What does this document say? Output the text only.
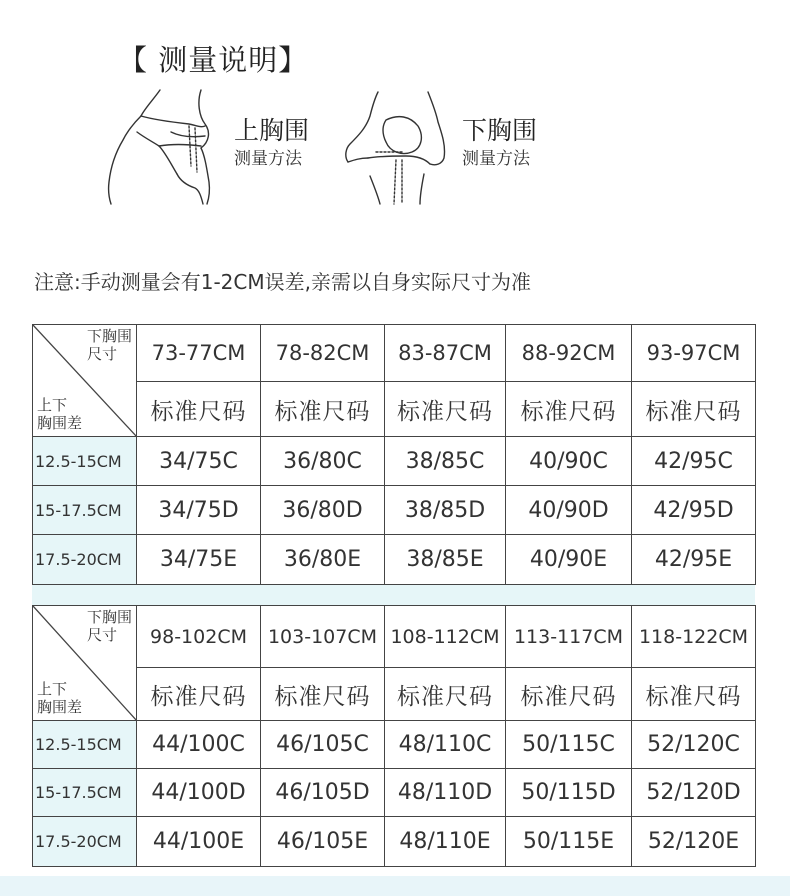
【 测量说明】
上胸围
测量方法
下胸围
测量方法
注意:手动测量会有1-2CM误差,亲需以自身实际尺寸为准
下胸围
尺寸
上下
胸围差	73-77CM	78-82CM	83-87CM	88-92CM	93-97CM
	标准尺码	标准尺码	标准尺码	标准尺码	标准尺码
12.5-15CM	34/75C	36/80C	38/85C	40/90C	42/95C
15-17.5CM	34/75D	36/80D	38/85D	40/90D	42/95D
17.5-20CM	34/75E	36/80E	38/85E	40/90E	42/95E
下胸围
尺寸
上下
胸围差	98-102CM	103-107CM	108-112CM	113-117CM	118-122CM
	标准尺码	标准尺码	标准尺码	标准尺码	标准尺码
12.5-15CM	44/100C	46/105C	48/110C	50/115C	52/120C
15-17.5CM	44/100D	46/105D	48/110D	50/115D	52/120D
17.5-20CM	44/100E	46/105E	48/110E	50/115E	52/120E
